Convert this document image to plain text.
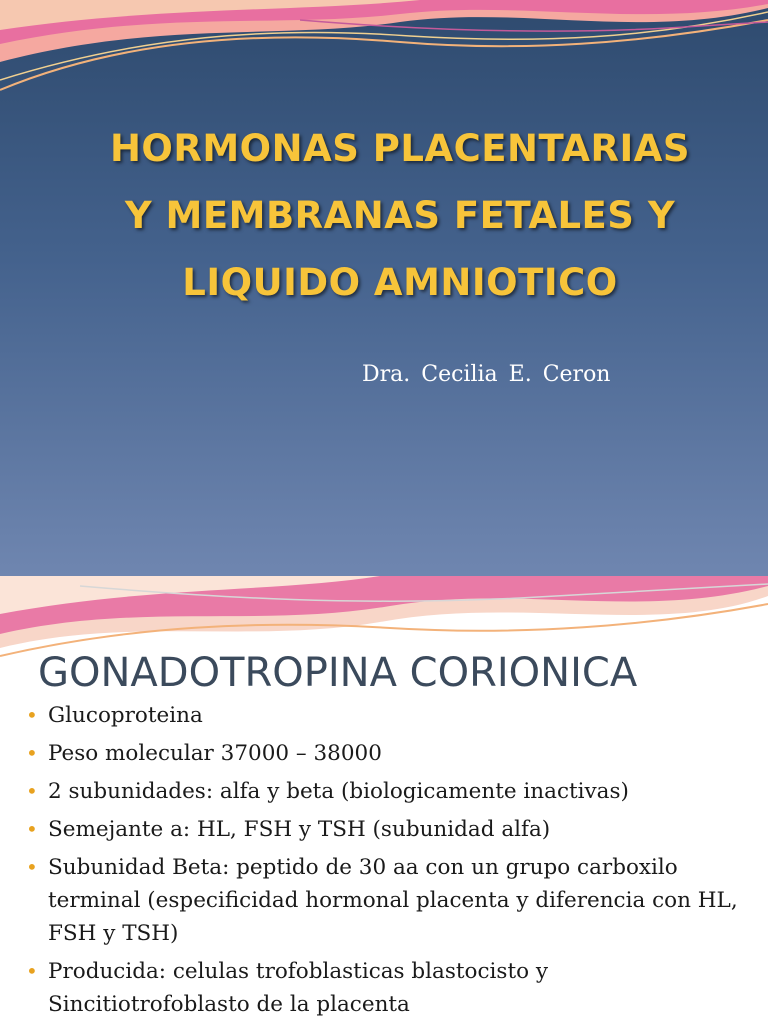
HORMONAS PLACENTARIAS
Y MEMBRANAS FETALES Y
LIQUIDO AMNIOTICO
Dra. Cecilia E. Ceron
GONADOTROPINA CORIONICA
• Glucoproteina
• Peso molecular 37000 – 38000
• 2 subunidades: alfa y beta (biologicamente inactivas)
• Semejante a: HL, FSH y TSH (subunidad alfa)
• Subunidad Beta: peptido de 30 aa con un grupo carboxilo terminal (especificidad hormonal placenta y diferencia con HL, FSH y TSH)
• Producida: celulas trofoblasticas blastocisto y Sincitiotrofoblasto de la placenta
